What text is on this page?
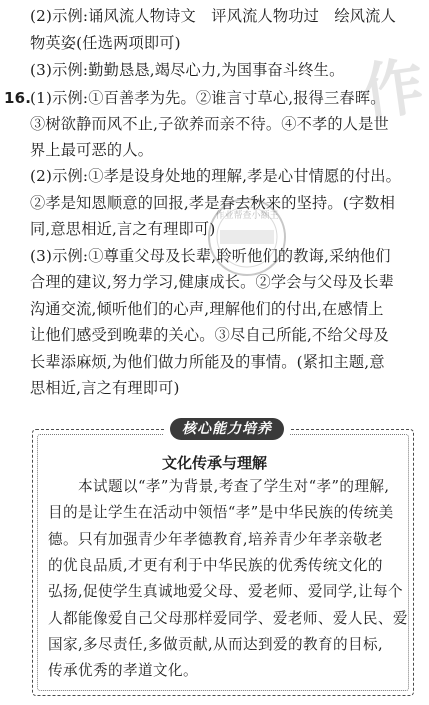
作
作业帮查小额王
(2)示例:诵风流人物诗文　评风流人物功过　绘风流人
物英姿(任选两项即可)
(3)示例:勤勤恳恳,竭尽心力,为国事奋斗终生。
16.
(1)示例:①百善孝为先。②谁言寸草心,报得三春晖。
③树欲静而风不止,子欲养而亲不待。④不孝的人是世
界上最可恶的人。
(2)示例:①孝是设身处地的理解,孝是心甘情愿的付出。
②孝是知恩顺意的回报,孝是春去秋来的坚持。(字数相
同,意思相近,言之有理即可)
(3)示例:①尊重父母及长辈,聆听他们的教诲,采纳他们
合理的建议,努力学习,健康成长。②学会与父母及长辈
沟通交流,倾听他们的心声,理解他们的付出,在感情上
让他们感受到晚辈的关心。③尽自己所能,不给父母及
长辈添麻烦,为他们做力所能及的事情。(紧扣主题,意
思相近,言之有理即可)
核心能力培养
文化传承与理解
　　本试题以“孝”为背景,考查了学生对“孝”的理解,
目的是让学生在活动中领悟“孝”是中华民族的传统美
德。只有加强青少年孝德教育,培养青少年孝亲敬老
的优良品质,才更有利于中华民族的优秀传统文化的
弘扬,促使学生真诚地爱父母、爱老师、爱同学,让每个
人都能像爱自己父母那样爱同学、爱老师、爱人民、爱
国家,多尽责任,多做贡献,从而达到爱的教育的目标,
传承优秀的孝道文化。
